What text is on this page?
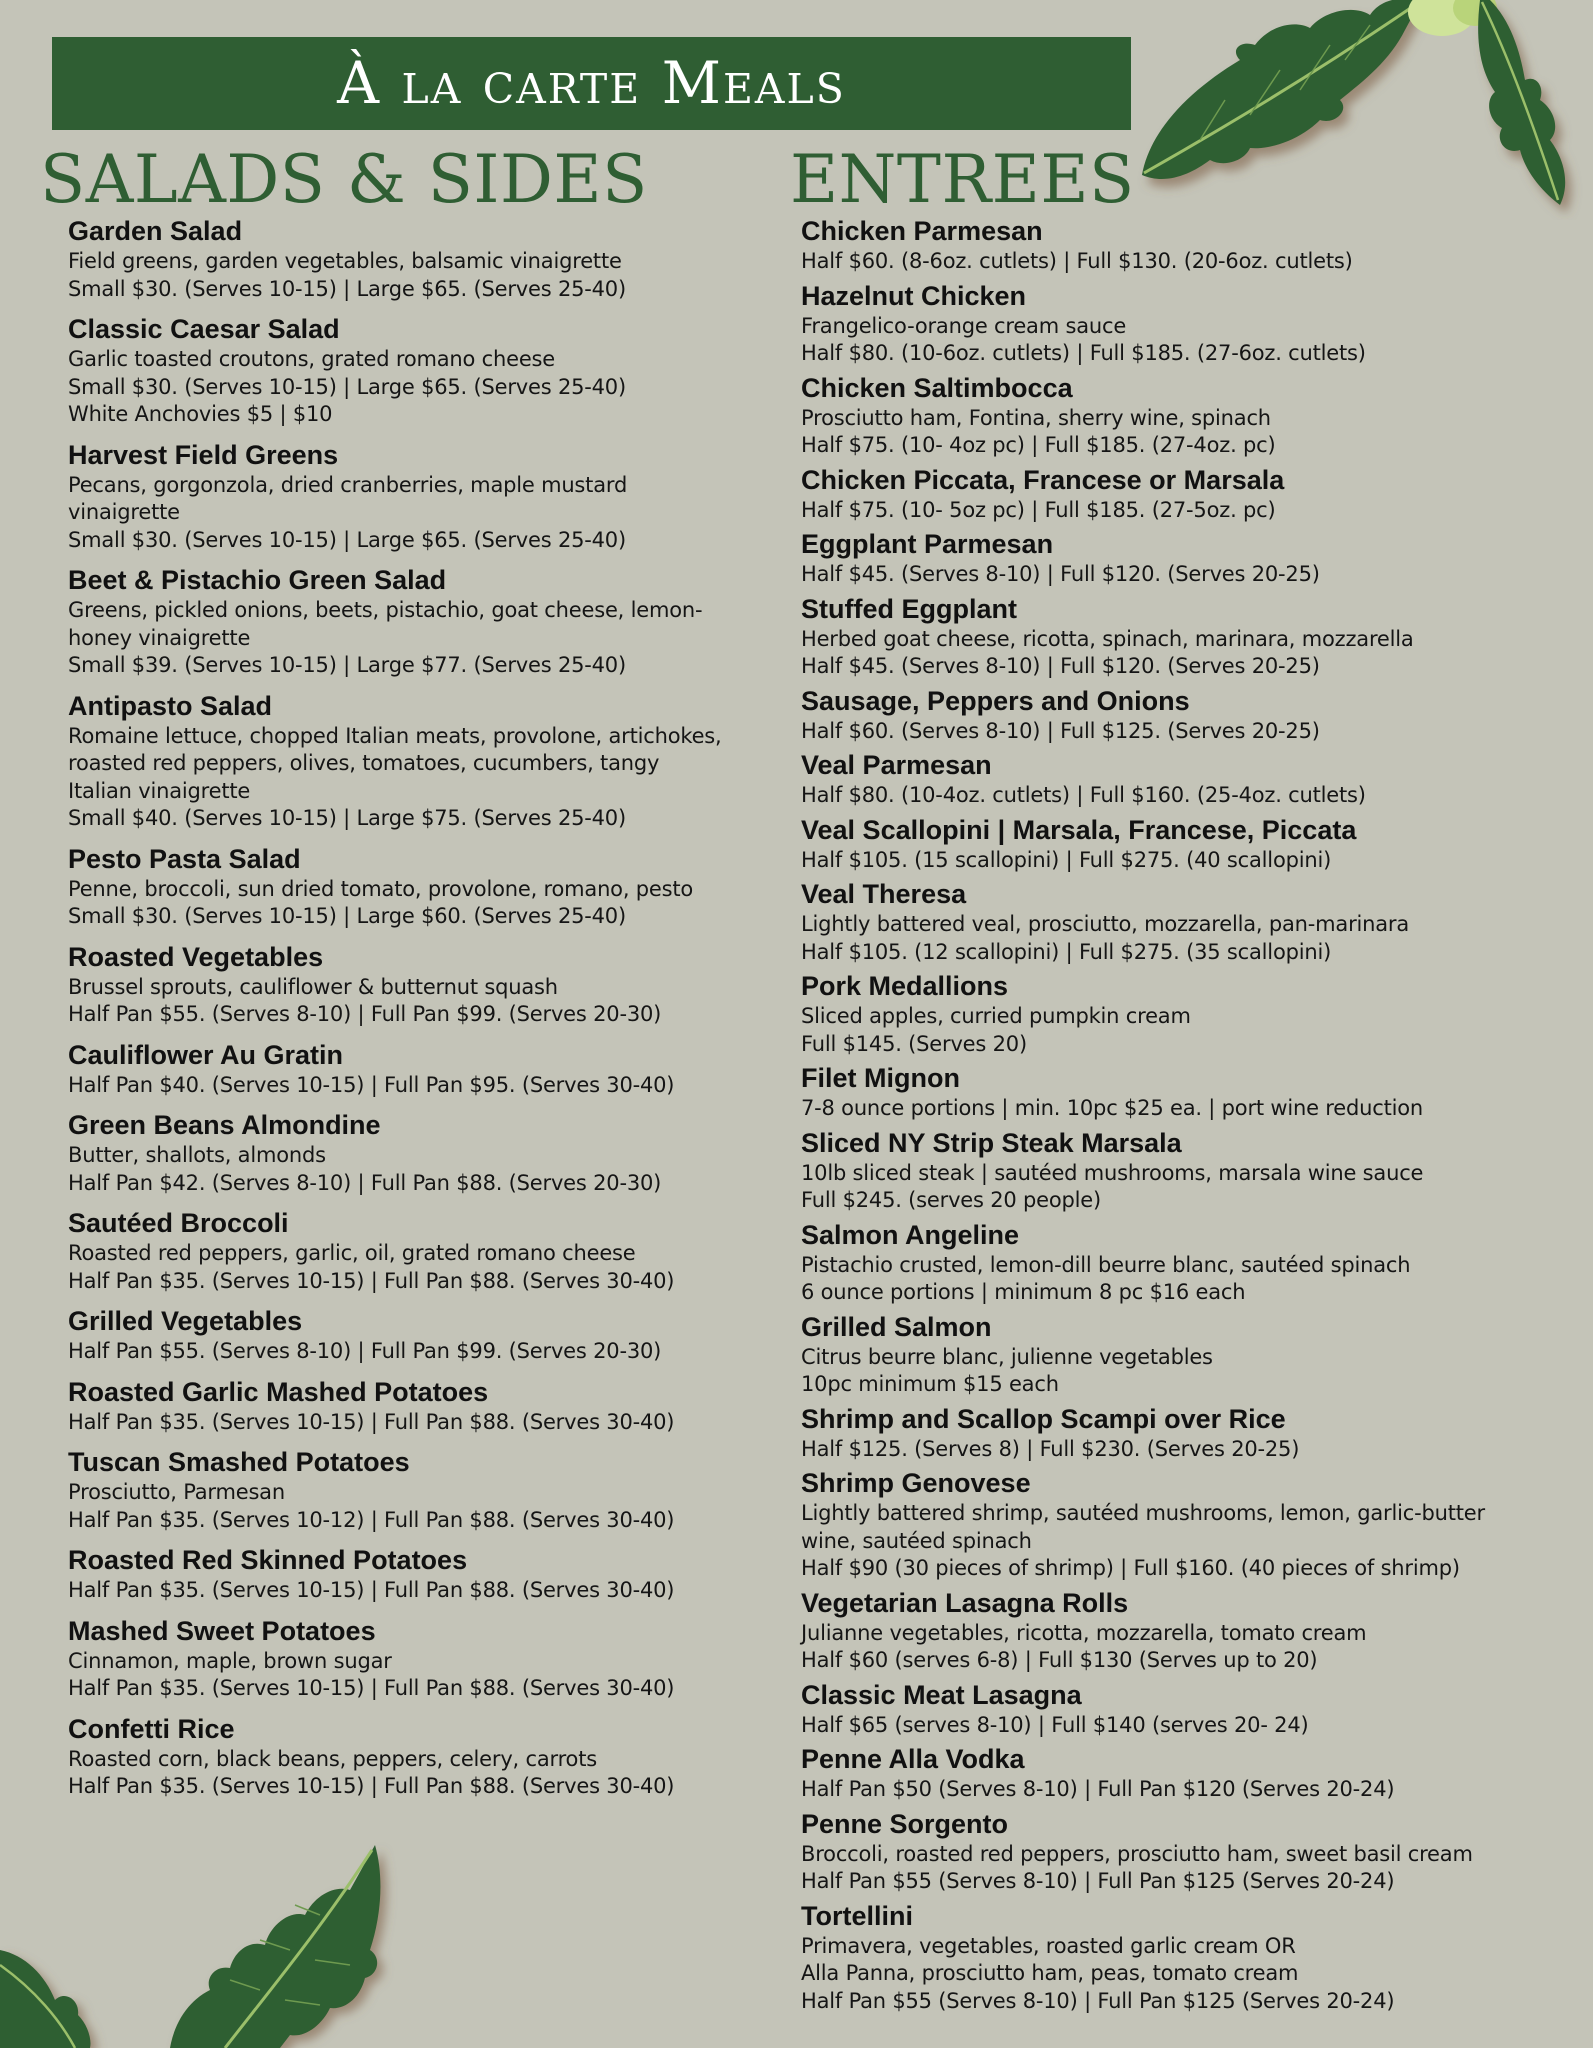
À la carte Meals
SALADS & SIDES ENTREES
Garden Salad
Field greens, garden vegetables, balsamic vinaigrette
Small $30. (Serves 10-15) | Large $65. (Serves 25-40)
Classic Caesar Salad
Garlic toasted croutons, grated romano cheese
Small $30. (Serves 10-15) | Large $65. (Serves 25-40)
White Anchovies $5 | $10
Harvest Field Greens
Pecans, gorgonzola, dried cranberries, maple mustard
vinaigrette
Small $30. (Serves 10-15) | Large $65. (Serves 25-40)
Beet & Pistachio Green Salad
Greens, pickled onions, beets, pistachio, goat cheese, lemon-
honey vinaigrette
Small $39. (Serves 10-15) | Large $77. (Serves 25-40)
Antipasto Salad
Romaine lettuce, chopped Italian meats, provolone, artichokes,
roasted red peppers, olives, tomatoes, cucumbers, tangy
Italian vinaigrette
Small $40. (Serves 10-15) | Large $75. (Serves 25-40)
Pesto Pasta Salad
Penne, broccoli, sun dried tomato, provolone, romano, pesto
Small $30. (Serves 10-15) | Large $60. (Serves 25-40)
Roasted Vegetables
Brussel sprouts, cauliflower & butternut squash
Half Pan $55. (Serves 8-10) | Full Pan $99. (Serves 20-30)
Cauliflower Au Gratin
Half Pan $40. (Serves 10-15) | Full Pan $95. (Serves 30-40)
Green Beans Almondine
Butter, shallots, almonds
Half Pan $42. (Serves 8-10) | Full Pan $88. (Serves 20-30)
Sautéed Broccoli
Roasted red peppers, garlic, oil, grated romano cheese
Half Pan $35. (Serves 10-15) | Full Pan $88. (Serves 30-40)
Grilled Vegetables
Half Pan $55. (Serves 8-10) | Full Pan $99. (Serves 20-30)
Roasted Garlic Mashed Potatoes
Half Pan $35. (Serves 10-15) | Full Pan $88. (Serves 30-40)
Tuscan Smashed Potatoes
Prosciutto, Parmesan
Half Pan $35. (Serves 10-12) | Full Pan $88. (Serves 30-40)
Roasted Red Skinned Potatoes
Half Pan $35. (Serves 10-15) | Full Pan $88. (Serves 30-40)
Mashed Sweet Potatoes
Cinnamon, maple, brown sugar
Half Pan $35. (Serves 10-15) | Full Pan $88. (Serves 30-40)
Confetti Rice
Roasted corn, black beans, peppers, celery, carrots
Half Pan $35. (Serves 10-15) | Full Pan $88. (Serves 30-40)
Chicken Parmesan
Half $60. (8-6oz. cutlets) | Full $130. (20-6oz. cutlets)
Hazelnut Chicken
Frangelico-orange cream sauce
Half $80. (10-6oz. cutlets) | Full $185. (27-6oz. cutlets)
Chicken Saltimbocca
Prosciutto ham, Fontina, sherry wine, spinach
Half $75. (10- 4oz pc) | Full $185. (27-4oz. pc)
Chicken Piccata, Francese or Marsala
Half $75. (10- 5oz pc) | Full $185. (27-5oz. pc)
Eggplant Parmesan
Half $45. (Serves 8-10) | Full $120. (Serves 20-25)
Stuffed Eggplant
Herbed goat cheese, ricotta, spinach, marinara, mozzarella
Half $45. (Serves 8-10) | Full $120. (Serves 20-25)
Sausage, Peppers and Onions
Half $60. (Serves 8-10) | Full $125. (Serves 20-25)
Veal Parmesan
Half $80. (10-4oz. cutlets) | Full $160. (25-4oz. cutlets)
Veal Scallopini | Marsala, Francese, Piccata
Half $105. (15 scallopini) | Full $275. (40 scallopini)
Veal Theresa
Lightly battered veal, prosciutto, mozzarella, pan-marinara
Half $105. (12 scallopini) | Full $275. (35 scallopini)
Pork Medallions
Sliced apples, curried pumpkin cream
Full $145. (Serves 20)
Filet Mignon
7-8 ounce portions | min. 10pc $25 ea. | port wine reduction
Sliced NY Strip Steak Marsala
10lb sliced steak | sautéed mushrooms, marsala wine sauce
Full $245. (serves 20 people)
Salmon Angeline
Pistachio crusted, lemon-dill beurre blanc, sautéed spinach
6 ounce portions | minimum 8 pc $16 each
Grilled Salmon
Citrus beurre blanc, julienne vegetables
10pc minimum $15 each
Shrimp and Scallop Scampi over Rice
Half $125. (Serves 8) | Full $230. (Serves 20-25)
Shrimp Genovese
Lightly battered shrimp, sautéed mushrooms, lemon, garlic-butter
wine, sautéed spinach
Half $90 (30 pieces of shrimp) | Full $160. (40 pieces of shrimp)
Vegetarian Lasagna Rolls
Julianne vegetables, ricotta, mozzarella, tomato cream
Half $60 (serves 6-8) | Full $130 (Serves up to 20)
Classic Meat Lasagna
Half $65 (serves 8-10) | Full $140 (serves 20- 24)
Penne Alla Vodka
Half Pan $50 (Serves 8-10) | Full Pan $120 (Serves 20-24)
Penne Sorgento
Broccoli, roasted red peppers, prosciutto ham, sweet basil cream
Half Pan $55 (Serves 8-10) | Full Pan $125 (Serves 20-24)
Tortellini
Primavera, vegetables, roasted garlic cream OR
Alla Panna, prosciutto ham, peas, tomato cream
Half Pan $55 (Serves 8-10) | Full Pan $125 (Serves 20-24)
